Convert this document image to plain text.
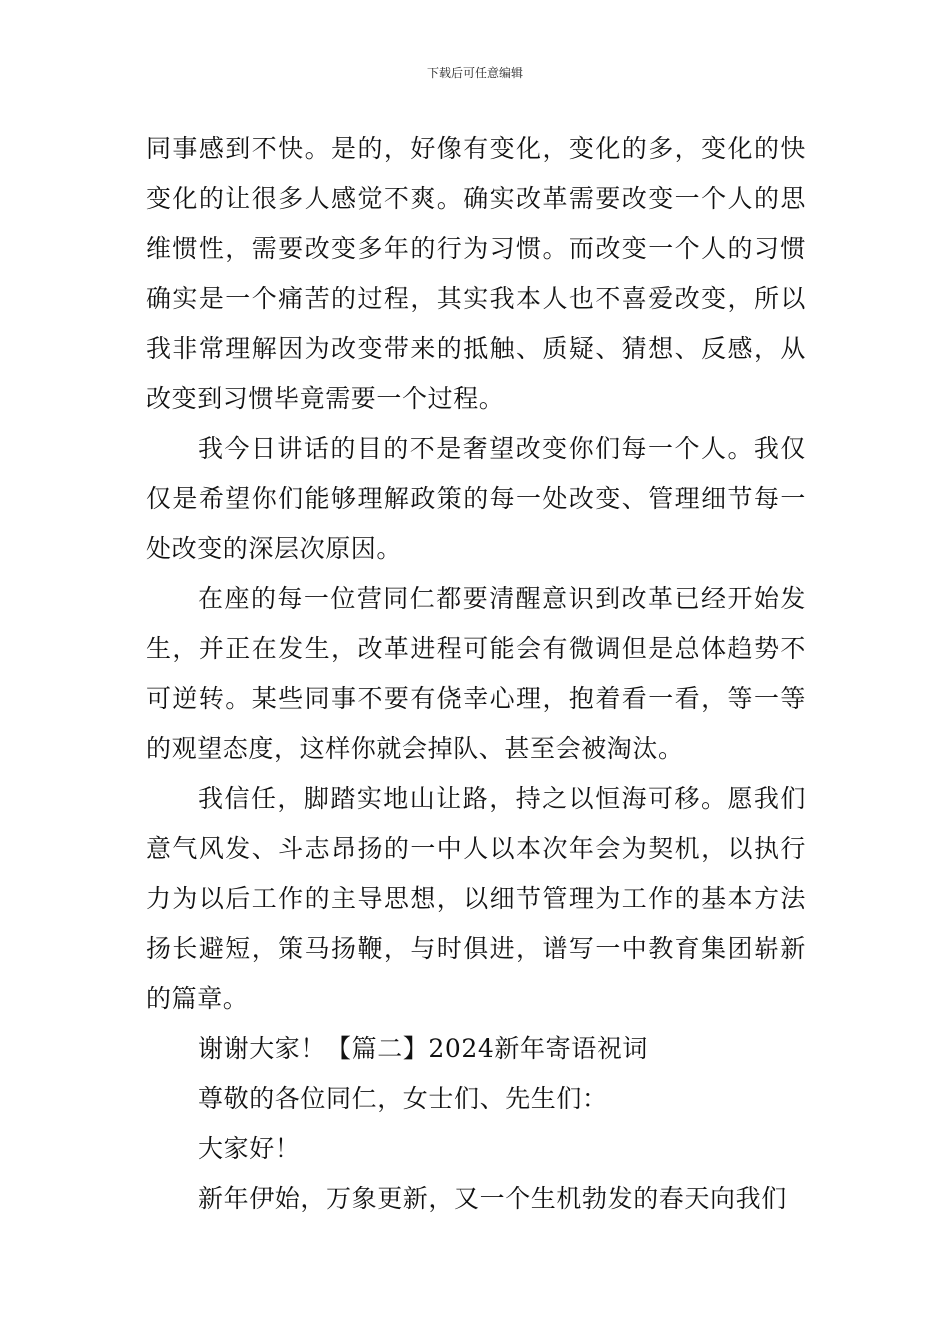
下载后可任意编辑

同事感到不快。是的，好像有变化，变化的多，变化的快变化的让很多人感觉不爽。确实改革需要改变一个人的思维惯性，需要改变多年的行为习惯。而改变一个人的习惯确实是一个痛苦的过程，其实我本人也不喜爱改变，所以我非常理解因为改变带来的抵触、质疑、猜想、反感，从改变到习惯毕竟需要一个过程。

我今日讲话的目的不是奢望改变你们每一个人。我仅仅是希望你们能够理解政策的每一处改变、管理细节每一处改变的深层次原因。

在座的每一位营同仁都要清醒意识到改革已经开始发生，并正在发生，改革进程可能会有微调但是总体趋势不可逆转。某些同事不要有侥幸心理，抱着看一看，等一等的观望态度，这样你就会掉队、甚至会被淘汰。

我信任，脚踏实地山让路，持之以恒海可移。愿我们意气风发、斗志昂扬的一中人以本次年会为契机，以执行力为以后工作的主导思想，以细节管理为工作的基本方法扬长避短，策马扬鞭，与时俱进，谱写一中教育集团崭新的篇章。

谢谢大家！【篇二】2024新年寄语祝词

尊敬的各位同仁，女士们、先生们：

大家好！

新年伊始，万象更新，又一个生机勃发的春天向我们
